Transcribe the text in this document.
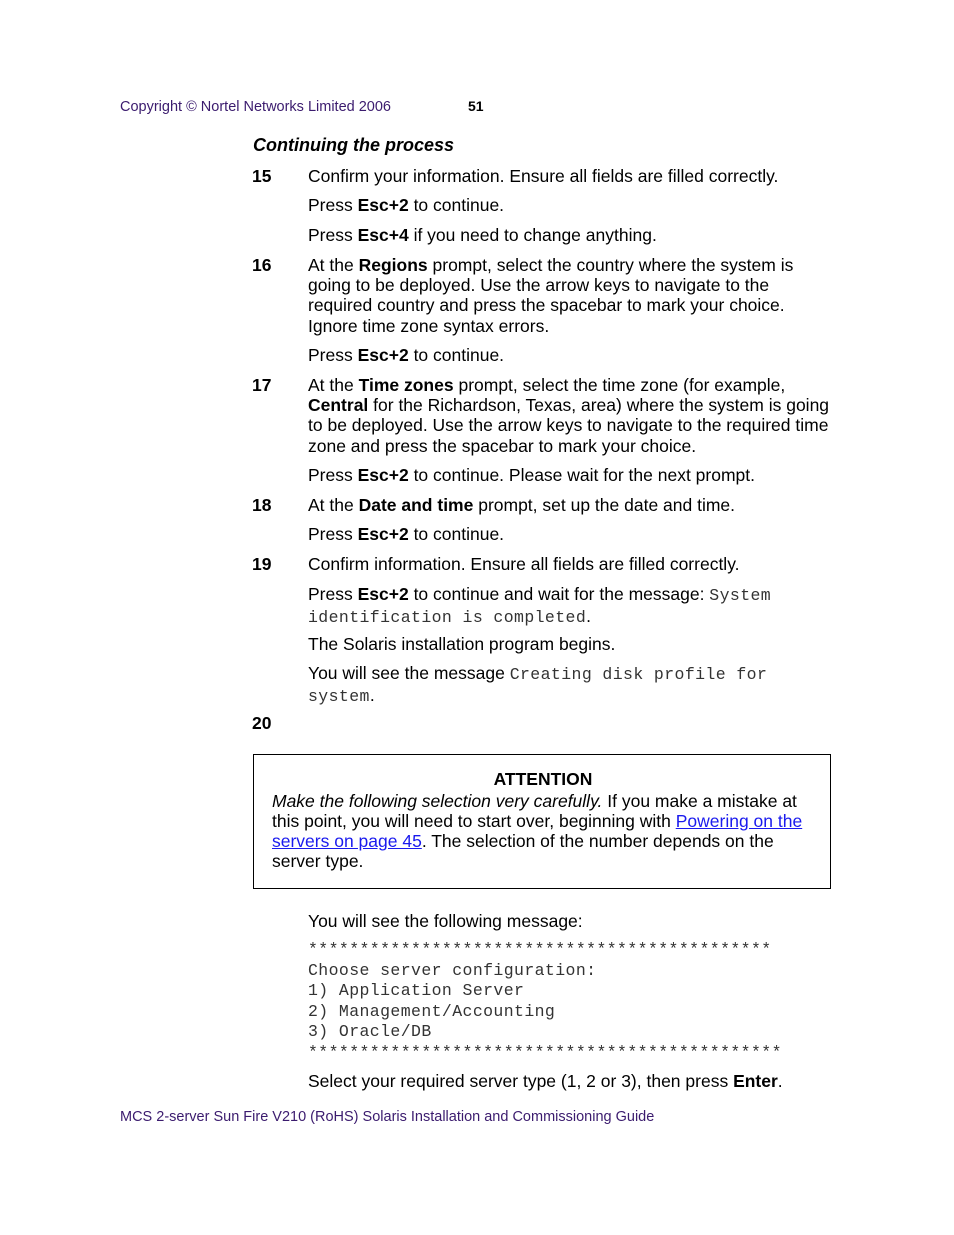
Copyright © Nortel Networks Limited 2006	51
Continuing the process
15 Confirm your information. Ensure all fields are filled correctly.
Press Esc+2 to continue.
Press Esc+4 if you need to change anything.
16 At the Regions prompt, select the country where the system is going to be deployed. Use the arrow keys to navigate to the required country and press the spacebar to mark your choice. Ignore time zone syntax errors.
Press Esc+2 to continue.
17 At the Time zones prompt, select the time zone (for example, Central for the Richardson, Texas, area) where the system is going to be deployed. Use the arrow keys to navigate to the required time zone and press the spacebar to mark your choice.
Press Esc+2 to continue. Please wait for the next prompt.
18 At the Date and time prompt, set up the date and time.
Press Esc+2 to continue.
19 Confirm information. Ensure all fields are filled correctly.
Press Esc+2 to continue and wait for the message: System identification is completed.
The Solaris installation program begins.
You will see the message Creating disk profile for system.
20
ATTENTION
Make the following selection very carefully. If you make a mistake at this point, you will need to start over, beginning with Powering on the servers on page 45. The selection of the number depends on the server type.
You will see the following message:
*********************************************
Choose server configuration:
1) Application Server
2) Management/Accounting
3) Oracle/DB
**********************************************
Select your required server type (1, 2 or 3), then press Enter.
MCS 2-server Sun Fire V210 (RoHS) Solaris Installation and Commissioning Guide
